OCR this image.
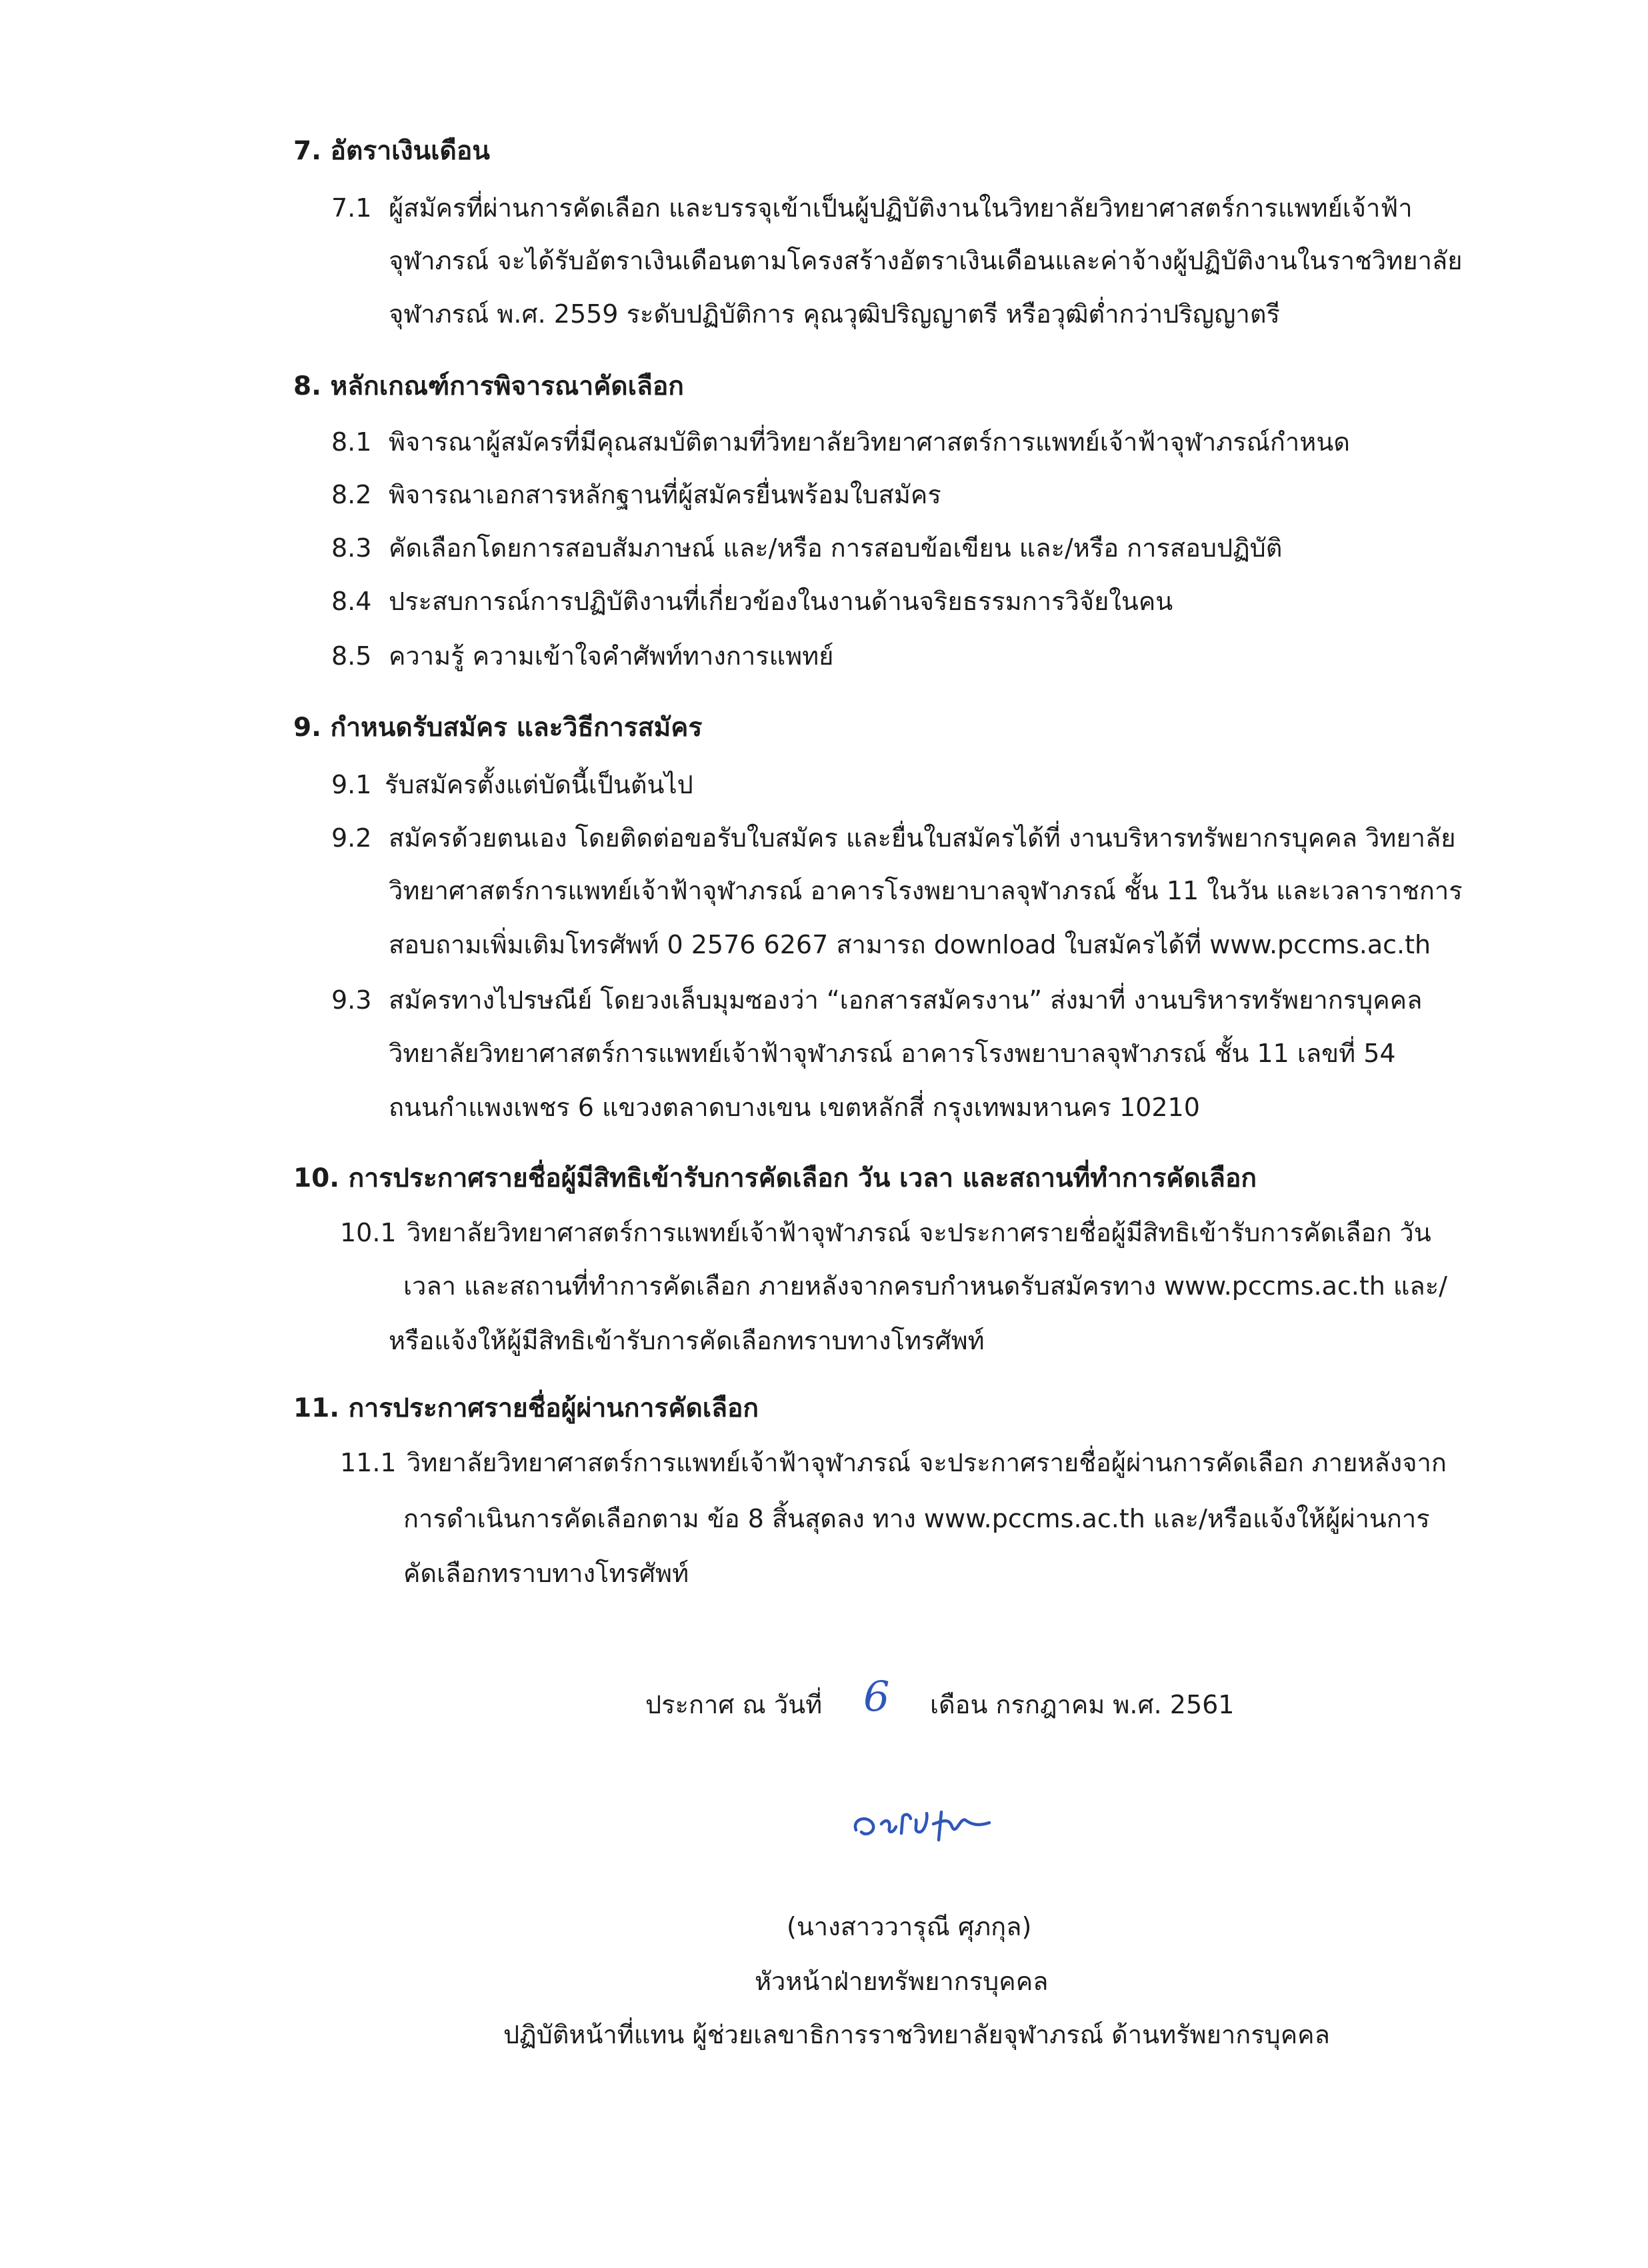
7. อัตราเงินเดือน
7.1 ผู้สมัครที่ผ่านการคัดเลือก และบรรจุเข้าเป็นผู้ปฏิบัติงานในวิทยาลัยวิทยาศาสตร์การแพทย์เจ้าฟ้า
จุฬาภรณ์ จะได้รับอัตราเงินเดือนตามโครงสร้างอัตราเงินเดือนและค่าจ้างผู้ปฏิบัติงานในราชวิทยาลัย
จุฬาภรณ์ พ.ศ. 2559 ระดับปฏิบัติการ คุณวุฒิปริญญาตรี หรือวุฒิต่ำกว่าปริญญาตรี
8. หลักเกณฑ์การพิจารณาคัดเลือก
8.1 พิจารณาผู้สมัครที่มีคุณสมบัติตามที่วิทยาลัยวิทยาศาสตร์การแพทย์เจ้าฟ้าจุฬาภรณ์กำหนด
8.2 พิจารณาเอกสารหลักฐานที่ผู้สมัครยื่นพร้อมใบสมัคร
8.3 คัดเลือกโดยการสอบสัมภาษณ์ และ/หรือ การสอบข้อเขียน และ/หรือ การสอบปฏิบัติ
8.4 ประสบการณ์การปฏิบัติงานที่เกี่ยวข้องในงานด้านจริยธรรมการวิจัยในคน
8.5 ความรู้ ความเข้าใจคำศัพท์ทางการแพทย์
9. กำหนดรับสมัคร และวิธีการสมัคร
9.1 รับสมัครตั้งแต่บัดนี้เป็นต้นไป
9.2 สมัครด้วยตนเอง โดยติดต่อขอรับใบสมัคร และยื่นใบสมัครได้ที่ งานบริหารทรัพยากรบุคคล วิทยาลัย
วิทยาศาสตร์การแพทย์เจ้าฟ้าจุฬาภรณ์ อาคารโรงพยาบาลจุฬาภรณ์ ชั้น 11 ในวัน และเวลาราชการ
สอบถามเพิ่มเติมโทรศัพท์ 0 2576 6267 สามารถ download ใบสมัครได้ที่ www.pccms.ac.th
9.3 สมัครทางไปรษณีย์ โดยวงเล็บมุมซองว่า “เอกสารสมัครงาน” ส่งมาที่ งานบริหารทรัพยากรบุคคล
วิทยาลัยวิทยาศาสตร์การแพทย์เจ้าฟ้าจุฬาภรณ์ อาคารโรงพยาบาลจุฬาภรณ์ ชั้น 11 เลขที่ 54
ถนนกำแพงเพชร 6 แขวงตลาดบางเขน เขตหลักสี่ กรุงเทพมหานคร 10210
10. การประกาศรายชื่อผู้มีสิทธิเข้ารับการคัดเลือก วัน เวลา และสถานที่ทำการคัดเลือก
10.1 วิทยาลัยวิทยาศาสตร์การแพทย์เจ้าฟ้าจุฬาภรณ์ จะประกาศรายชื่อผู้มีสิทธิเข้ารับการคัดเลือก วัน
เวลา และสถานที่ทำการคัดเลือก ภายหลังจากครบกำหนดรับสมัครทาง www.pccms.ac.th และ/
หรือแจ้งให้ผู้มีสิทธิเข้ารับการคัดเลือกทราบทางโทรศัพท์
11. การประกาศรายชื่อผู้ผ่านการคัดเลือก
11.1 วิทยาลัยวิทยาศาสตร์การแพทย์เจ้าฟ้าจุฬาภรณ์ จะประกาศรายชื่อผู้ผ่านการคัดเลือก ภายหลังจาก
การดำเนินการคัดเลือกตาม ข้อ 8 สิ้นสุดลง ทาง www.pccms.ac.th และ/หรือแจ้งให้ผู้ผ่านการ
คัดเลือกทราบทางโทรศัพท์
ประกาศ ณ วันที่ 6 เดือน กรกฎาคม พ.ศ. 2561
(นางสาววารุณี ศุภกุล)
หัวหน้าฝ่ายทรัพยากรบุคคล
ปฏิบัติหน้าที่แทน ผู้ช่วยเลขาธิการราชวิทยาลัยจุฬาภรณ์ ด้านทรัพยากรบุคคล
